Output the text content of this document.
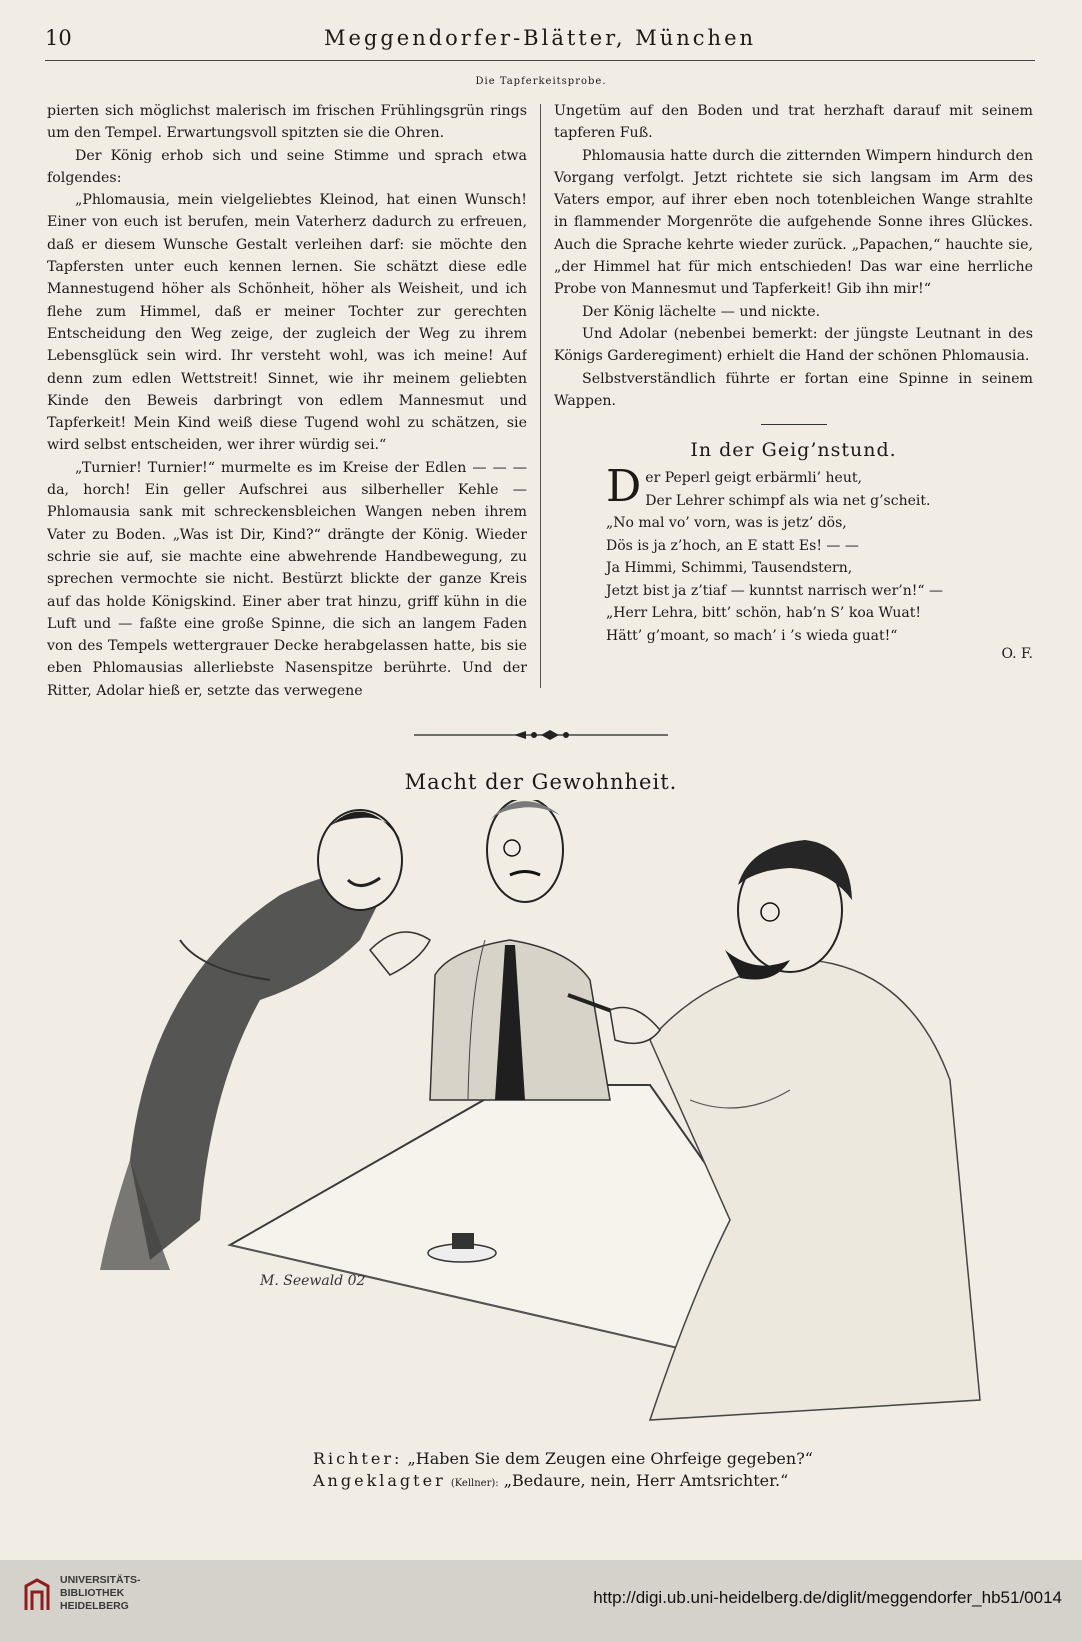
10	Meggendorfer-Blätter, München
Die Tapferkeitsprobe.

pierten sich möglichst malerisch im frischen Frühlingsgrün rings um den Tempel. Erwartungsvoll spitzten sie die Ohren.

Der König erhob sich und seine Stimme und sprach etwa folgendes:

„Phlomausia, mein vielgeliebtes Kleinod, hat einen Wunsch! Einer von euch ist berufen, mein Vaterherz dadurch zu erfreuen, daß er diesem Wunsche Gestalt verleihen darf: sie möchte den Tapfersten unter euch kennen lernen. Sie schätzt diese edle Mannestugend höher als Schönheit, höher als Weisheit, und ich flehe zum Himmel, daß er meiner Tochter zur gerechten Entscheidung den Weg zeige, der zugleich der Weg zu ihrem Lebensglück sein wird. Ihr versteht wohl, was ich meine! Auf denn zum edlen Wettstreit! Sinnet, wie ihr meinem geliebten Kinde den Beweis darbringt von edlem Mannesmut und Tapferkeit! Mein Kind weiß diese Tugend wohl zu schätzen, sie wird selbst entscheiden, wer ihrer würdig sei.“

„Turnier! Turnier!“ murmelte es im Kreise der Edlen — — — da, horch! Ein geller Aufschrei aus silberheller Kehle — Phlomausia sank mit schreckensbleichen Wangen neben ihrem Vater zu Boden. „Was ist Dir, Kind?“ drängte der König. Wieder schrie sie auf, sie machte eine abwehrende Handbewegung, zu sprechen vermochte sie nicht. Bestürzt blickte der ganze Kreis auf das holde Königskind. Einer aber trat hinzu, griff kühn in die Luft und — faßte eine große Spinne, die sich an langem Faden von des Tempels wettergrauer Decke herabgelassen hatte, bis sie eben Phlomausias allerliebste Nasenspitze berührte. Und der Ritter, Adolar hieß er, setzte das verwegene

Ungetüm auf den Boden und trat herzhaft darauf mit seinem tapferen Fuß.

Phlomausia hatte durch die zitternden Wimpern hindurch den Vorgang verfolgt. Jetzt richtete sie sich langsam im Arm des Vaters empor, auf ihrer eben noch totenbleichen Wange strahlte in flammender Morgenröte die aufgehende Sonne ihres Glückes. Auch die Sprache kehrte wieder zurück. „Papachen,“ hauchte sie, „der Himmel hat für mich entschieden! Das war eine herrliche Probe von Mannesmut und Tapferkeit! Gib ihn mir!“

Der König lächelte — und nickte.

Und Adolar (nebenbei bemerkt: der jüngste Leutnant in des Königs Garderegiment) erhielt die Hand der schönen Phlomausia.

Selbstverständlich führte er fortan eine Spinne in seinem Wappen.

In der Geig’nstund.
D er Peperl geigt erbärmli’ heut,
Der Lehrer schimpf als wia net g’scheit.
„No mal vo’ vorn, was is jetz’ dös,
Dös is ja z’hoch, an E statt Es! — —
Ja Himmi, Schimmi, Tausendstern,
Jetzt bist ja z’tiaf — kunntst narrisch wer’n!“ —
„Herr Lehra, bitt’ schön, hab’n S’ koa Wuat!
Hätt’ g’moant, so mach’ i ’s wieda guat!“
O. F.
Macht der Gewohnheit.
M. Seewald 02
Richter: „Haben Sie dem Zeugen eine Ohrfeige gegeben?“
Angeklagter (Kellner): „Bedaure, nein, Herr Amtsrichter.“
UNIVERSITÄTS-
BIBLIOTHEK
HEIDELBERG	http://digi.ub.uni-heidelberg.de/diglit/meggendorfer_hb51/0014
